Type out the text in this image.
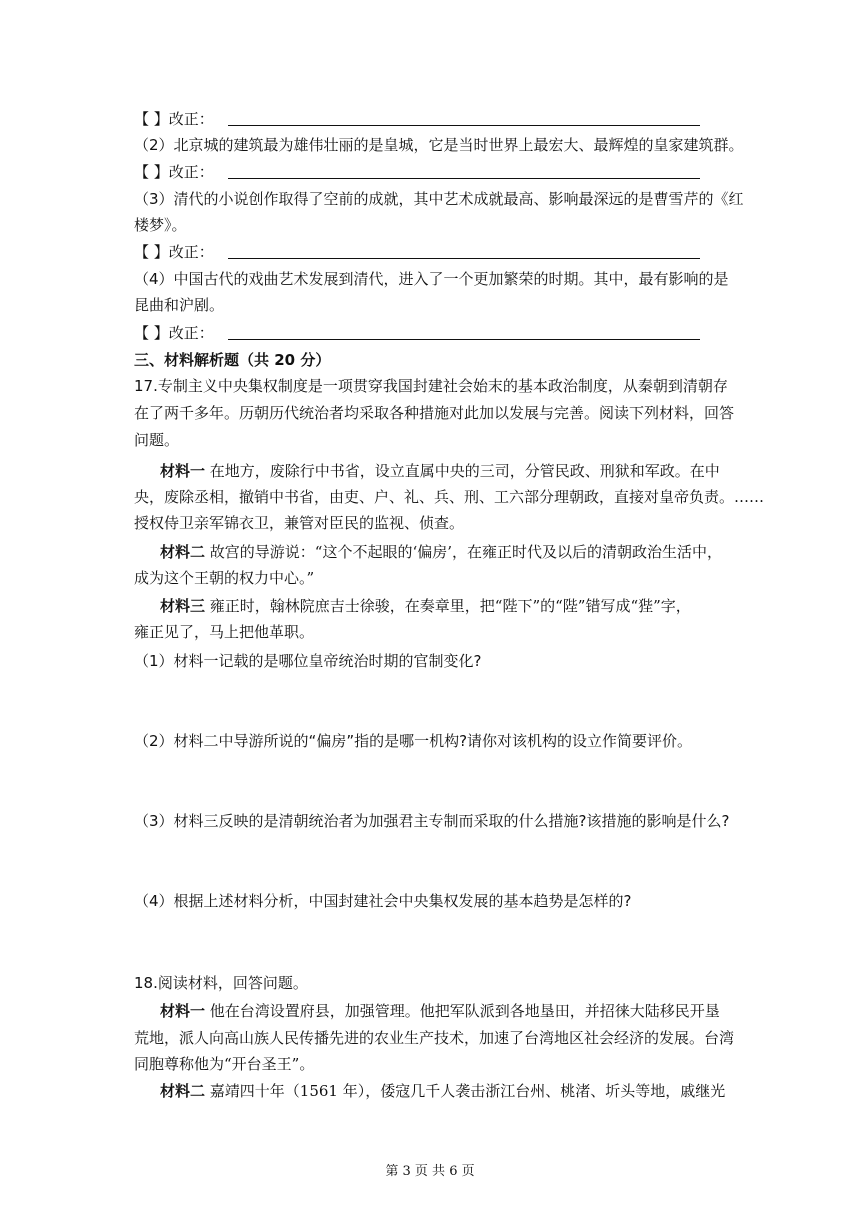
【 】改正：
（2）北京城的建筑最为雄伟壮丽的是皇城，它是当时世界上最宏大、最辉煌的皇家建筑群。
【 】改正：
（3）清代的小说创作取得了空前的成就，其中艺术成就最高、影响最深远的是曹雪芹的《红
楼梦》。
【 】改正：
（4）中国古代的戏曲艺术发展到清代，进入了一个更加繁荣的时期。其中，最有影响的是
昆曲和沪剧。
【 】改正：
三、材料解析题（共 20 分）
17.专制主义中央集权制度是一项贯穿我国封建社会始末的基本政治制度，从秦朝到清朝存
在了两千多年。历朝历代统治者均采取各种措施对此加以发展与完善。阅读下列材料，回答
问题。
材料一 在地方，废除行中书省，设立直属中央的三司，分管民政、刑狱和军政。在中
央，废除丞相，撤销中书省，由吏、户、礼、兵、刑、工六部分理朝政，直接对皇帝负责。……
授权侍卫亲军锦衣卫，兼管对臣民的监视、侦查。
材料二 故宫的导游说：“这个不起眼的‘偏房’，在雍正时代及以后的清朝政治生活中，
成为这个王朝的权力中心。”
材料三 雍正时，翰林院庶吉士徐骏，在奏章里，把“陛下”的“陛”错写成“狴”字，
雍正见了，马上把他革职。
（1）材料一记载的是哪位皇帝统治时期的官制变化?
（2）材料二中导游所说的“偏房”指的是哪一机构?请你对该机构的设立作简要评价。
（3）材料三反映的是清朝统治者为加强君主专制而采取的什么措施?该措施的影响是什么?
（4）根据上述材料分析，中国封建社会中央集权发展的基本趋势是怎样的?
18.阅读材料，回答问题。
材料一 他在台湾设置府县，加强管理。他把军队派到各地垦田，并招徕大陆移民开垦
荒地，派人向高山族人民传播先进的农业生产技术，加速了台湾地区社会经济的发展。台湾
同胞尊称他为“开台圣王”。
材料二 嘉靖四十年（1561 年），倭寇几千人袭击浙江台州、桃渚、圻头等地，戚继光
第 3 页 共 6 页
